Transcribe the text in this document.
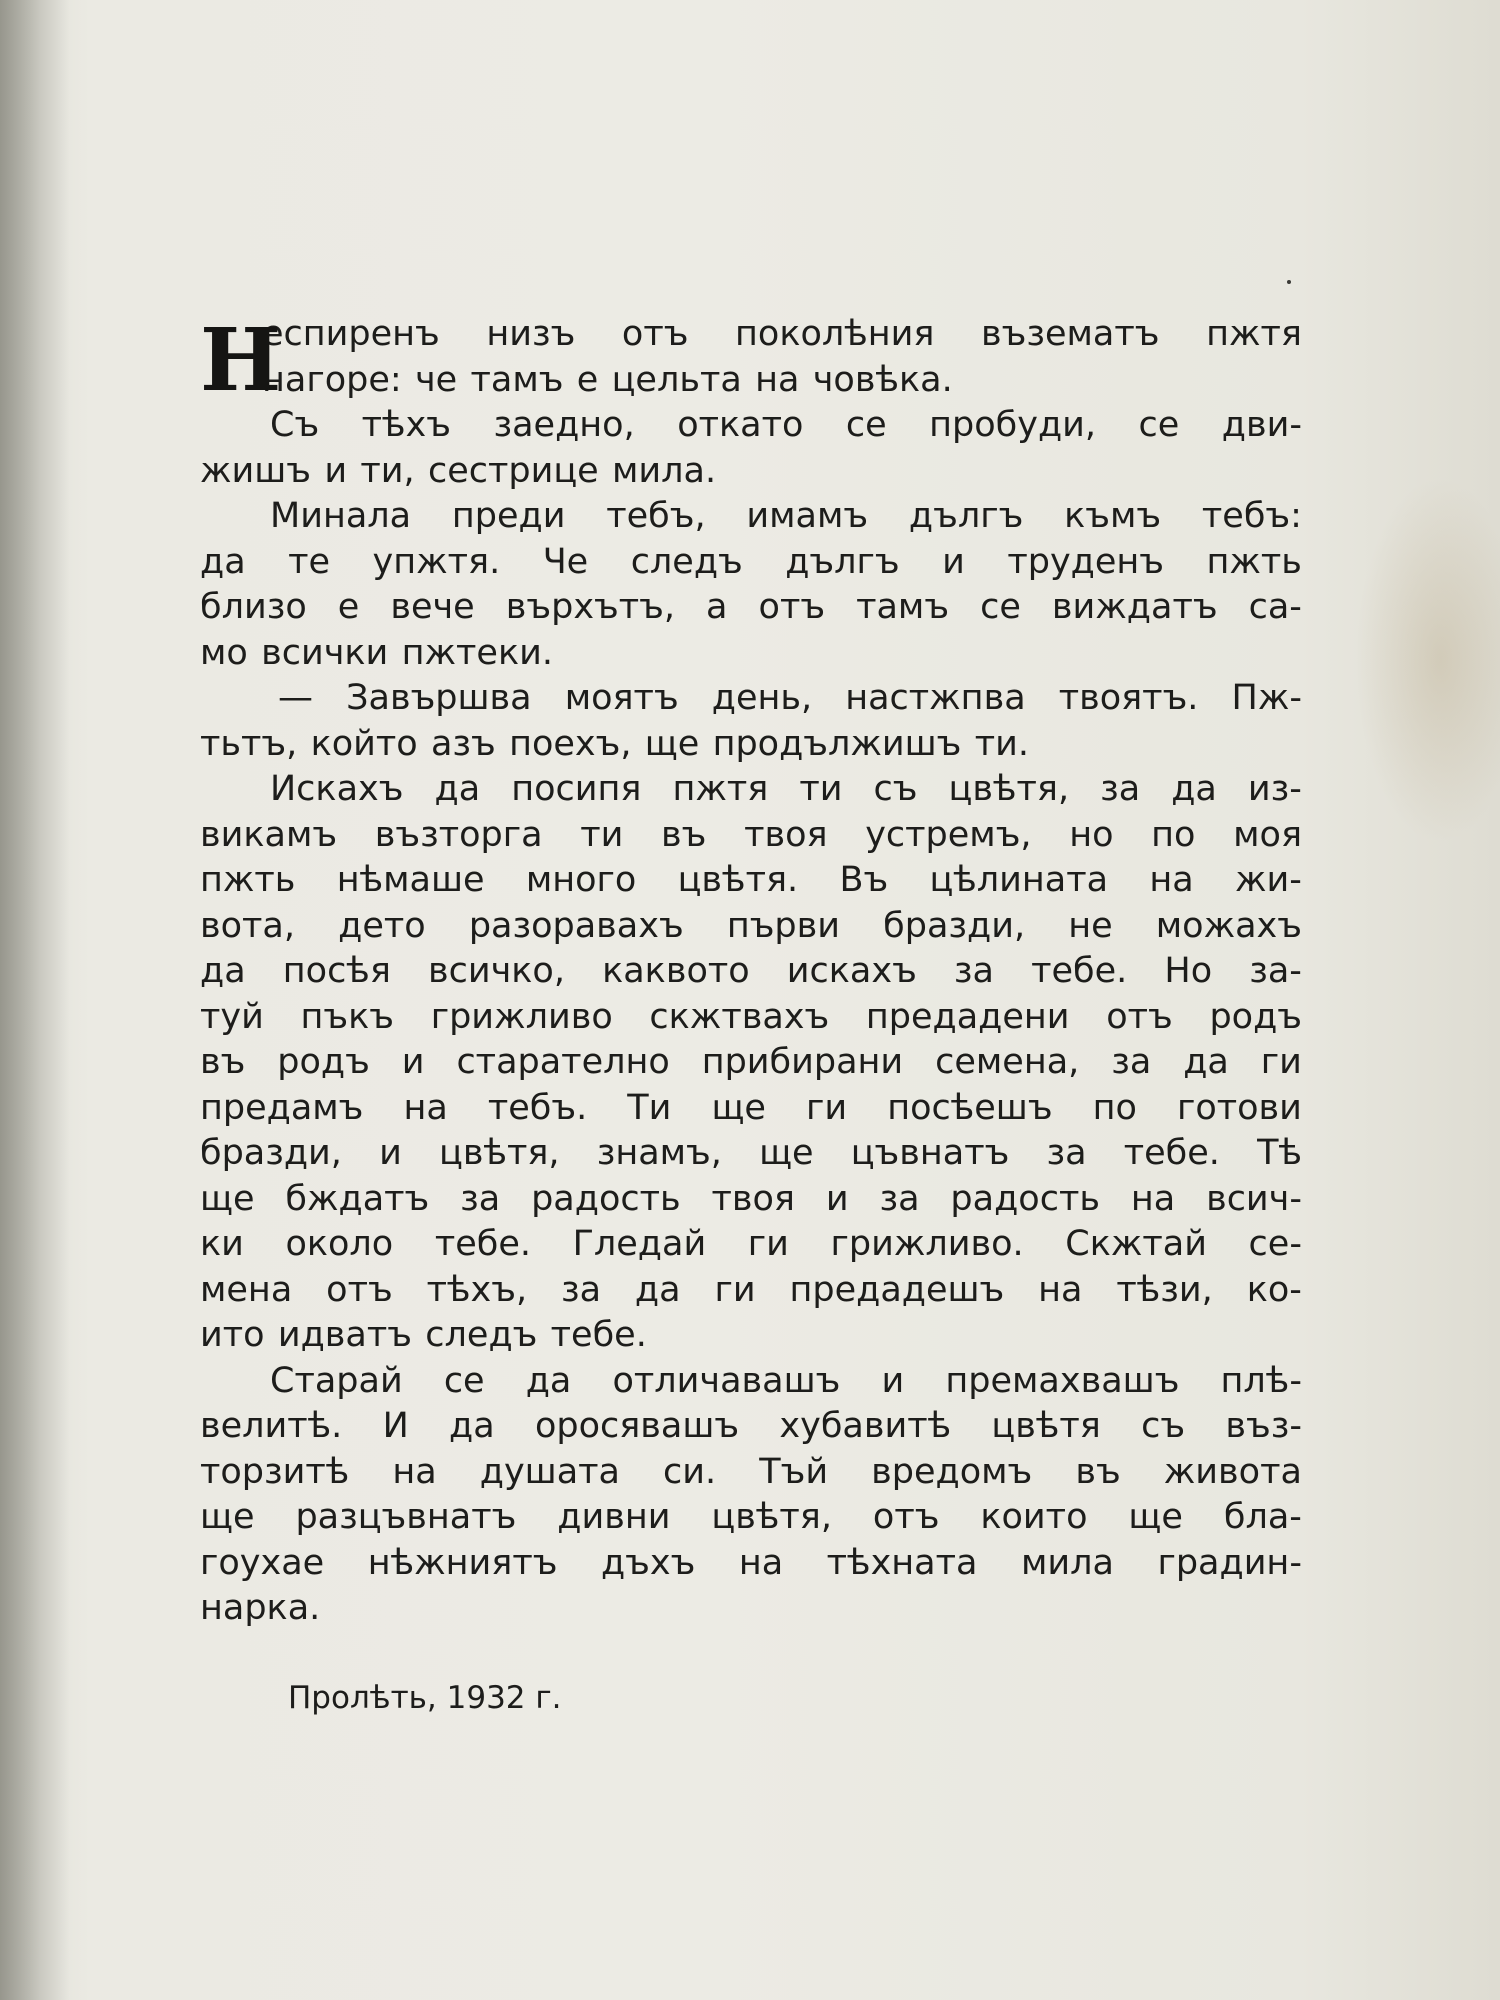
Н
еспиренъ низъ отъ поколѣния възематъ пжтя
нагоре: че тамъ е цельта на човѣка.
Съ тѣхъ заедно, откато се пробуди, се дви-
жишъ и ти, сестрице мила.
Минала преди тебъ, имамъ дългъ къмъ тебъ:
да те упжтя. Че следъ дългъ и труденъ пжть
близо е вече върхътъ, а отъ тамъ се виждатъ са-
мо всички пжтеки.
— Завършва моятъ день, настжпва твоятъ. Пж-
тьтъ, който азъ поехъ, ще продължишъ ти.
Искахъ да посипя пжтя ти съ цвѣтя, за да из-
викамъ възторга ти въ твоя устремъ, но по моя
пжть нѣмаше много цвѣтя. Въ цѣлината на жи-
вота, дето разоравахъ първи бразди, не можахъ
да посѣя всичко, каквото искахъ за тебе. Но за-
туй пъкъ грижливо скжтвахъ предадени отъ родъ
въ родъ и старателно прибирани семена, за да ги
предамъ на тебъ. Ти ще ги посѣешъ по готови
бразди, и цвѣтя, знамъ, ще цъвнатъ за тебе. Тѣ
ще бждатъ за радость твоя и за радость на всич-
ки около тебе. Гледай ги грижливо. Скжтай се-
мена отъ тѣхъ, за да ги предадешъ на тѣзи, ко-
ито идватъ следъ тебе.
Старай се да отличавашъ и премахвашъ плѣ-
велитѣ. И да оросявашъ хубавитѣ цвѣтя съ въз-
торзитѣ на душата си. Тъй вредомъ въ живота
ще разцъвнатъ дивни цвѣтя, отъ които ще бла-
гоухае нѣжниятъ дъхъ на тѣхната мила градин-
нарка.
Пролѣть, 1932 г.
